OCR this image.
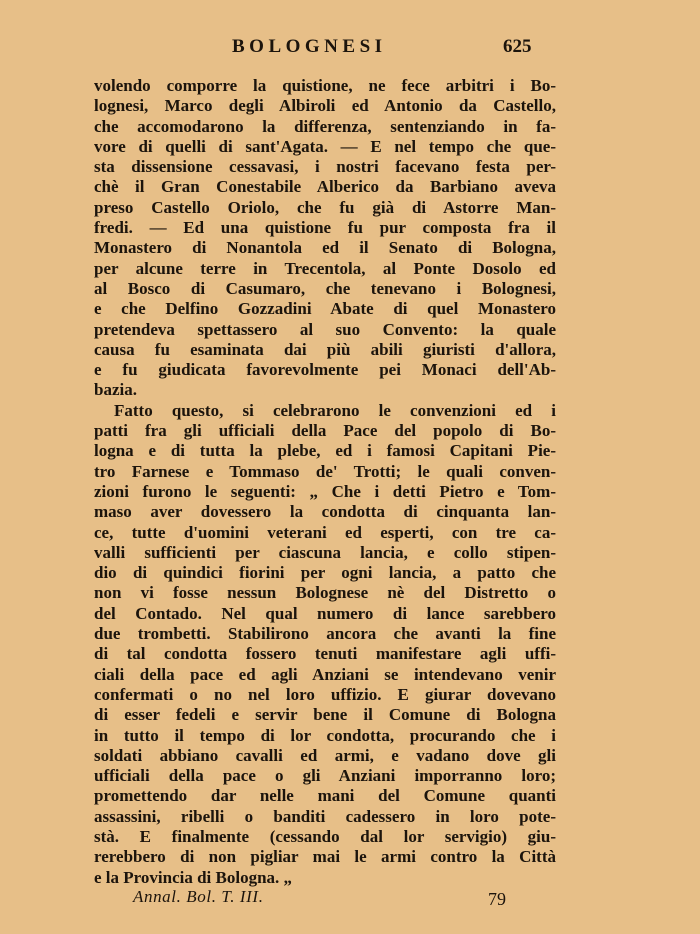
BOLOGNESI	625
volendo comporre la quistione, ne fece arbitri i Bo-
lognesi, Marco degli Albiroli ed Antonio da Castello,
che accomodarono la differenza, sentenziando in fa-
vore di quelli di sant'Agata. — E nel tempo che que-
sta dissensione cessavasi, i nostri facevano festa per-
chè il Gran Conestabile Alberico da Barbiano aveva
preso Castello Oriolo, che fu già di Astorre Man-
fredi. — Ed una quistione fu pur composta fra il
Monastero di Nonantola ed il Senato di Bologna,
per alcune terre in Trecentola, al Ponte Dosolo ed
al Bosco di Casumaro, che tenevano i Bolognesi,
e che Delfino Gozzadini Abate di quel Monastero
pretendeva spettassero al suo Convento: la quale
causa fu esaminata dai più abili giuristi d'allora,
e fu giudicata favorevolmente pei Monaci dell'Ab-
bazia.
Fatto questo, si celebrarono le convenzioni ed i
patti fra gli ufficiali della Pace del popolo di Bo-
logna e di tutta la plebe, ed i famosi Capitani Pie-
tro Farnese e Tommaso de' Trotti; le quali conven-
zioni furono le seguenti: „ Che i detti Pietro e Tom-
maso aver dovessero la condotta di cinquanta lan-
ce, tutte d'uomini veterani ed esperti, con tre ca-
valli sufficienti per ciascuna lancia, e collo stipen-
dio di quindici fiorini per ogni lancia, a patto che
non vi fosse nessun Bolognese nè del Distretto o
del Contado. Nel qual numero di lance sarebbero
due trombetti. Stabilirono ancora che avanti la fine
di tal condotta fossero tenuti manifestare agli uffi-
ciali della pace ed agli Anziani se intendevano venir
confermati o no nel loro uffizio. E giurar dovevano
di esser fedeli e servir bene il Comune di Bologna
in tutto il tempo di lor condotta, procurando che i
soldati abbiano cavalli ed armi, e vadano dove gli
ufficiali della pace o gli Anziani imporranno loro;
promettendo dar nelle mani del Comune quanti
assassini, ribelli o banditi cadessero in loro pote-
stà. E finalmente (cessando dal lor servigio) giu-
rerebbero di non pigliar mai le armi contro la Città
e la Provincia di Bologna. „
Annal. Bol. T. III.	79
